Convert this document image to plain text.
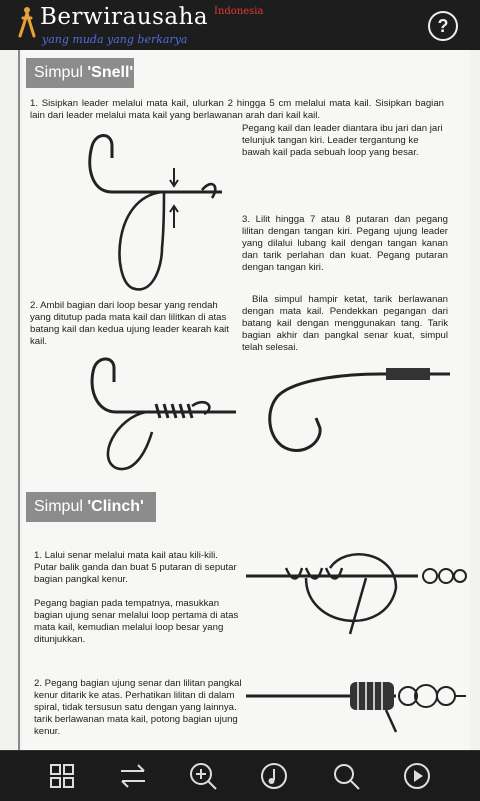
Berwirausaha Indonesia
yang muda yang berkarya
?
Simpul 'Snell'
1. Sisipkan leader melalui mata kail, ulurkan 2 hingga 5 cm melalui mata kail. Sisipkan bagian lain dari leader melalui mata kail yang berlawanan arah dari kail kail.
Pegang kail dan leader diantara ibu jari dan jari telunjuk tangan kiri. Leader tergantung ke bawah kail pada sebuah loop yang besar.
3. Lilit hingga 7 atau 8 putaran dan pegang lilitan dengan tangan kiri. Pegang ujung leader yang dilalui lubang kail dengan tangan kanan dan tarik perlahan dan kuat. Pegang putaran dengan tangan kiri.
Bila simpul hampir ketat, tarik berlawanan dengan mata kail. Pendekkan pegangan dari batang kail dengan menggunakan tang. Tarik bagian akhir dan pangkal senar kuat, simpul telah selesai.
2. Ambil bagian dari loop besar yang rendah yang ditutup pada mata kail dan lilitkan di atas batang kail dan kedua ujung leader kearah kait kail.
Simpul 'Clinch'
1. Lalui senar melalui mata kail atau kili-kili. Putar balik ganda dan buat 5 putaran di seputar bagian pangkal kenur.
Pegang bagian pada tempatnya, masukkan bagian ujung senar melalui loop pertama di atas mata kail, kemudian melalui loop besar yang ditunjukkan.
2. Pegang bagian ujung senar dan lilitan pangkal kenur ditarik ke atas. Perhatikan lilitan di dalam spiral, tidak tersusun satu dengan yang lainnya. tarik berlawanan mata kail, potong bagian ujung kenur.
